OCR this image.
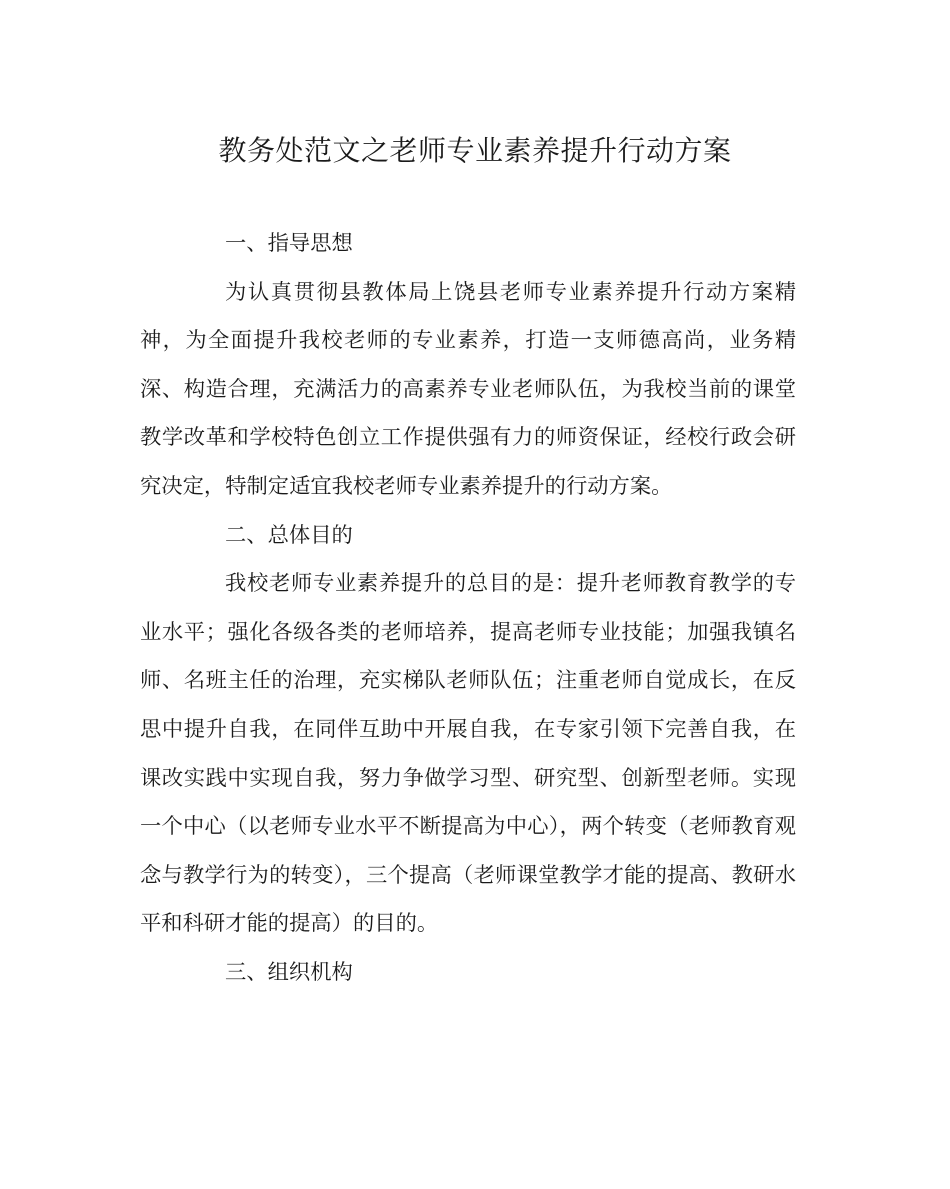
教务处范文之老师专业素养提升行动方案

一、指导思想

为认真贯彻县教体局上饶县老师专业素养提升行动方案精神，为全面提升我校老师的专业素养，打造一支师德高尚，业务精深、构造合理，充满活力的高素养专业老师队伍，为我校当前的课堂教学改革和学校特色创立工作提供强有力的师资保证，经校行政会研究决定，特制定适宜我校老师专业素养提升的行动方案。

二、总体目的

我校老师专业素养提升的总目的是：提升老师教育教学的专业水平；强化各级各类的老师培养，提高老师专业技能；加强我镇名师、名班主任的治理，充实梯队老师队伍；注重老师自觉成长，在反思中提升自我，在同伴互助中开展自我，在专家引领下完善自我，在课改实践中实现自我，努力争做学习型、研究型、创新型老师。实现一个中心（以老师专业水平不断提高为中心），两个转变（老师教育观念与教学行为的转变），三个提高（老师课堂教学才能的提高、教研水平和科研才能的提高）的目的。

三、组织机构
